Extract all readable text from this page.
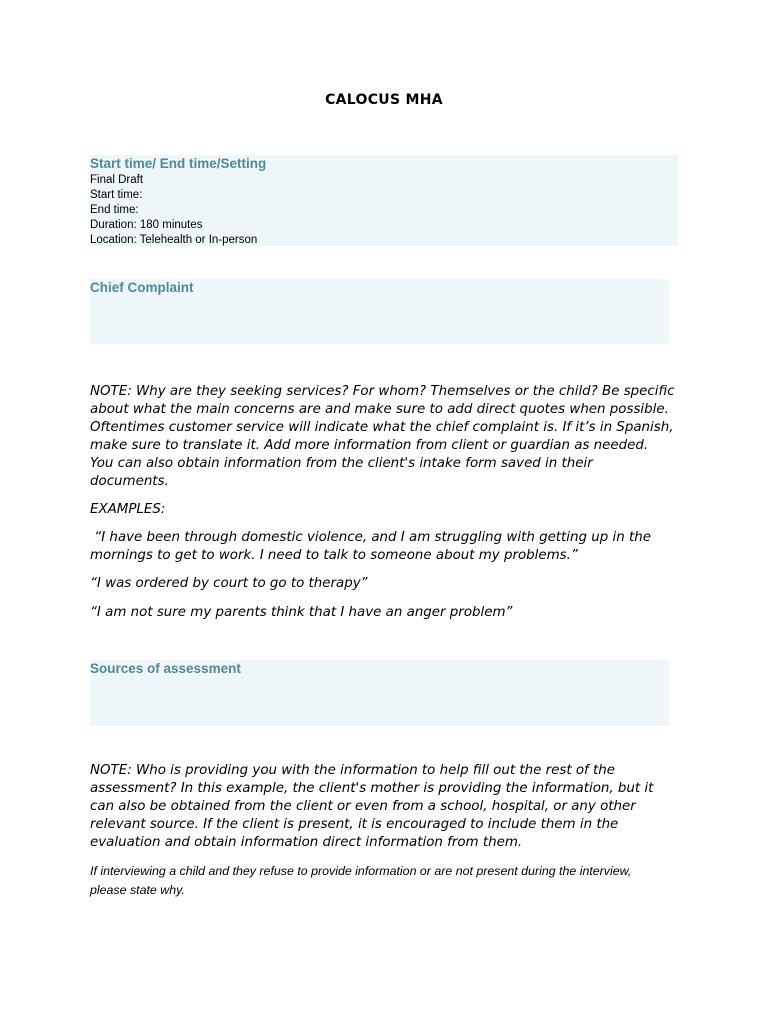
CALOCUS MHA
Start time/ End time/Setting
Final Draft
Start time:
End time:
Duration: 180 minutes
Location: Telehealth or In-person
Chief Complaint
NOTE: Why are they seeking services? For whom? Themselves or the child? Be specific about what the main concerns are and make sure to add direct quotes when possible. Oftentimes customer service will indicate what the chief complaint is. If it’s in Spanish, make sure to translate it. Add more information from client or guardian as needed. You can also obtain information from the client's intake form saved in their documents.
EXAMPLES:
“I have been through domestic violence, and I am struggling with getting up in the mornings to get to work. I need to talk to someone about my problems.”
“I was ordered by court to go to therapy”
“I am not sure my parents think that I have an anger problem”
Sources of assessment
NOTE: Who is providing you with the information to help fill out the rest of the assessment? In this example, the client's mother is providing the information, but it can also be obtained from the client or even from a school, hospital, or any other relevant source. If the client is present, it is encouraged to include them in the evaluation and obtain information direct information from them.
If interviewing a child and they refuse to provide information or are not present during the interview, please state why.
